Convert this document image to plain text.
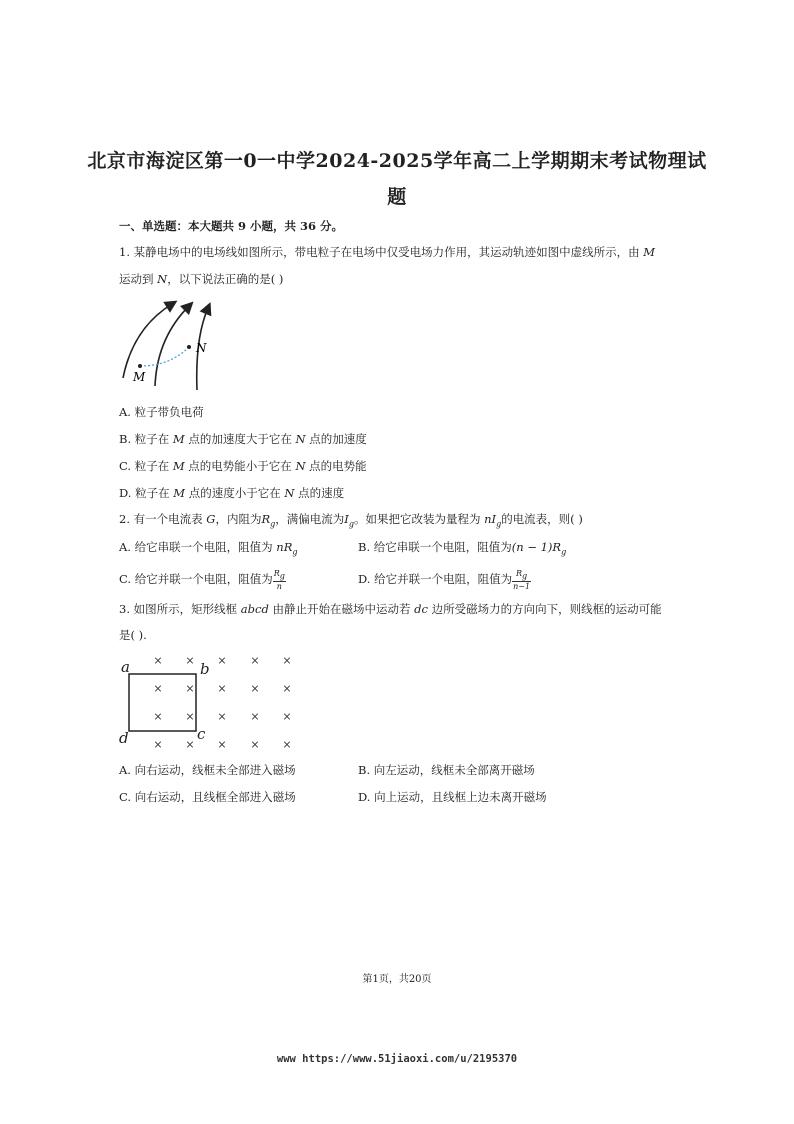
北京市海淀区第一0一中学2024-2025学年高二上学期期末考试物理试
题
一、单选题：本大题共 9 小题，共 36 分。
1. 某静电场中的电场线如图所示，带电粒子在电场中仅受电场力作用，其运动轨迹如图中虚线所示，由 M
运动到 N，以下说法正确的是( )
M
N
A. 粒子带负电荷
B. 粒子在 M 点的加速度大于它在 N 点的加速度
C. 粒子在 M 点的电势能小于它在 N 点的电势能
D. 粒子在 M 点的速度小于它在 N 点的速度
2. 有一个电流表 G，内阻为$R_g$，满偏电流为$I_g$。如果把它改装为量程为 $nI_g$的电流表，则( )
A. 给它串联一个电阻，阻值为 $nR_g$	B. 给它串联一个电阻，阻值为$(n - 1)R_g$
C. 给它并联一个电阻，阻值为 $\frac{R_g}{n}$	D. 给它并联一个电阻，阻值为 $\frac{R_g}{n-1}$
3. 如图所示，矩形线框 abcd 由静止开始在磁场中运动若 dc 边所受磁场力的方向向下，则线框的运动可能
是( ).
× × × × ×
× × × × ×
× × × × ×
× × × × ×
a	b
c
d
A. 向右运动，线框未全部进入磁场	B. 向左运动，线框未全部离开磁场
C. 向右运动，且线框全部进入磁场	D. 向上运动，且线框上边未离开磁场
第1页，共20页
www https://www.51jiaoxi.com/u/2195370
